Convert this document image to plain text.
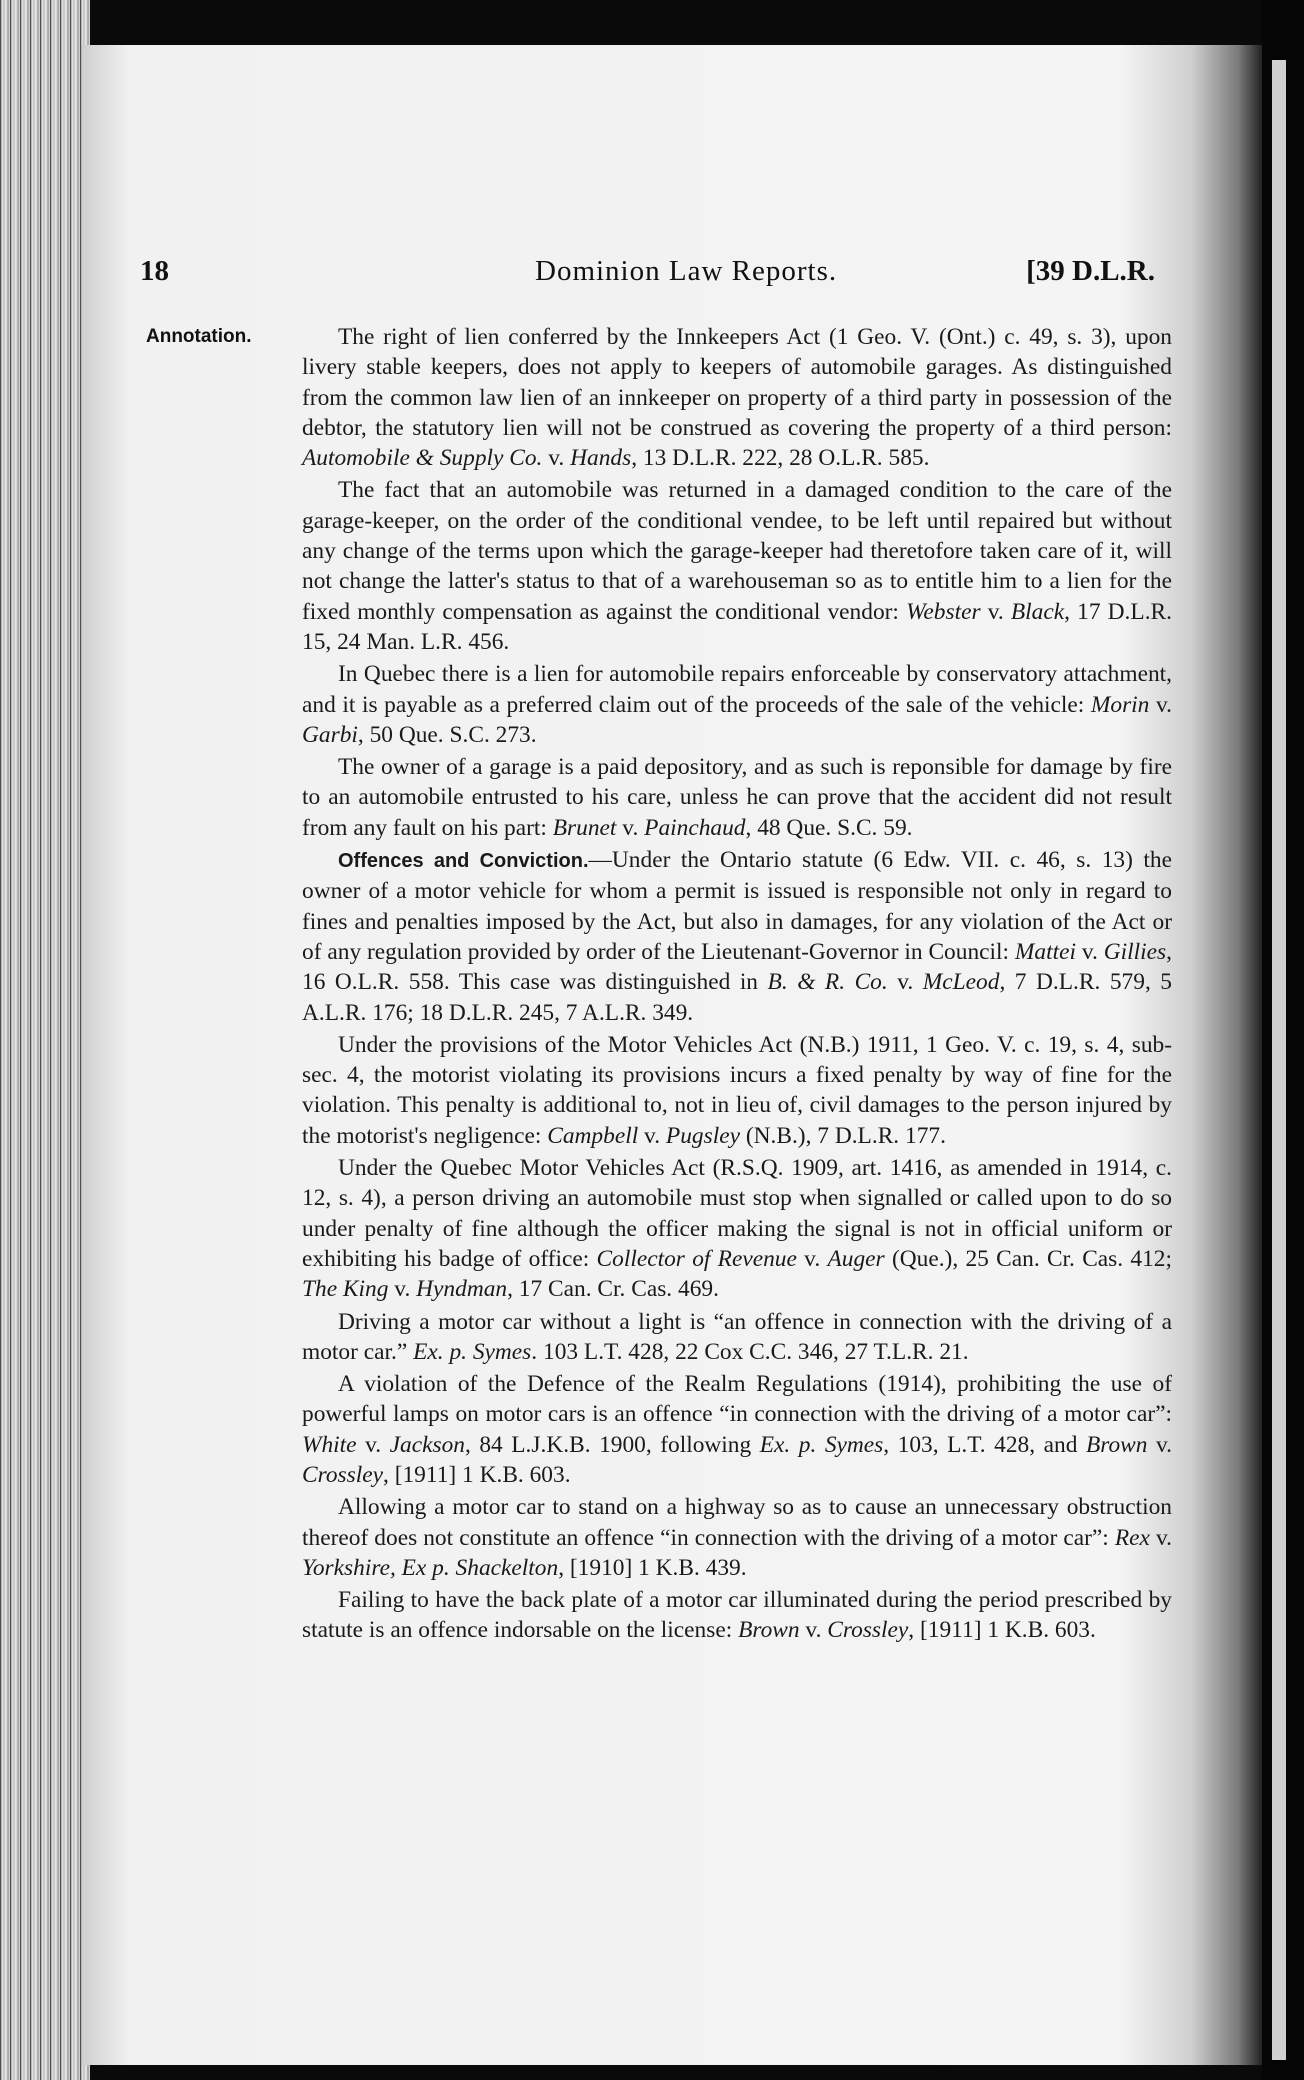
18	Dominion Law Reports.	[39 D.L.R.
Annotation.	The right of lien conferred by the Innkeepers Act (1 Geo. V. (Ont.) c. 49, s. 3), upon livery stable keepers, does not apply to keepers of automobile garages. As distinguished from the common law lien of an innkeeper on property of a third party in possession of the debtor, the statutory lien will not be construed as covering the property of a third person: Automobile & Supply Co. v. Hands, 13 D.L.R. 222, 28 O.L.R. 585.

The fact that an automobile was returned in a damaged condition to the care of the garage-keeper, on the order of the conditional vendee, to be left until repaired but without any change of the terms upon which the garage-keeper had theretofore taken care of it, will not change the latter's status to that of a warehouseman so as to entitle him to a lien for the fixed monthly compensation as against the conditional vendor: Webster v. Black, 17 D.L.R. 15, 24 Man. L.R. 456.

In Quebec there is a lien for automobile repairs enforceable by conservatory attachment, and it is payable as a preferred claim out of the proceeds of the sale of the vehicle: Morin v. Garbi, 50 Que. S.C. 273.

The owner of a garage is a paid depository, and as such is reponsible for damage by fire to an automobile entrusted to his care, unless he can prove that the accident did not result from any fault on his part: Brunet v. Painchaud, 48 Que. S.C. 59.

Offences and Conviction.—Under the Ontario statute (6 Edw. VII. c. 46, s. 13) the owner of a motor vehicle for whom a permit is issued is responsible not only in regard to fines and penalties imposed by the Act, but also in damages, for any violation of the Act or of any regulation provided by order of the Lieutenant-Governor in Council: Mattei v. Gillies, 16 O.L.R. 558. This case was distinguished in B. & R. Co. v. McLeod, 7 D.L.R. 579, 5 A.L.R. 176; 18 D.L.R. 245, 7 A.L.R. 349.

Under the provisions of the Motor Vehicles Act (N.B.) 1911, 1 Geo. V. c. 19, s. 4, sub-sec. 4, the motorist violating its provisions incurs a fixed penalty by way of fine for the violation. This penalty is additional to, not in lieu of, civil damages to the person injured by the motorist's negligence: Campbell v. Pugsley (N.B.), 7 D.L.R. 177.

Under the Quebec Motor Vehicles Act (R.S.Q. 1909, art. 1416, as amended in 1914, c. 12, s. 4), a person driving an automobile must stop when signalled or called upon to do so under penalty of fine although the officer making the signal is not in official uniform or exhibiting his badge of office: Collector of Revenue v. Auger (Que.), 25 Can. Cr. Cas. 412; The King v. Hyndman, 17 Can. Cr. Cas. 469.

Driving a motor car without a light is “an offence in connection with the driving of a motor car.” Ex. p. Symes. 103 L.T. 428, 22 Cox C.C. 346, 27 T.L.R. 21.

A violation of the Defence of the Realm Regulations (1914), prohibiting the use of powerful lamps on motor cars is an offence “in connection with the driving of a motor car”: White v. Jackson, 84 L.J.K.B. 1900, following Ex. p. Symes, 103, L.T. 428, and Brown v. Crossley, [1911] 1 K.B. 603.

Allowing a motor car to stand on a highway so as to cause an unnecessary obstruction thereof does not constitute an offence “in connection with the driving of a motor car”: Rex v. Yorkshire, Ex p. Shackelton, [1910] 1 K.B. 439.

Failing to have the back plate of a motor car illuminated during the period prescribed by statute is an offence indorsable on the license: Brown v. Crossley, [1911] 1 K.B. 603.
